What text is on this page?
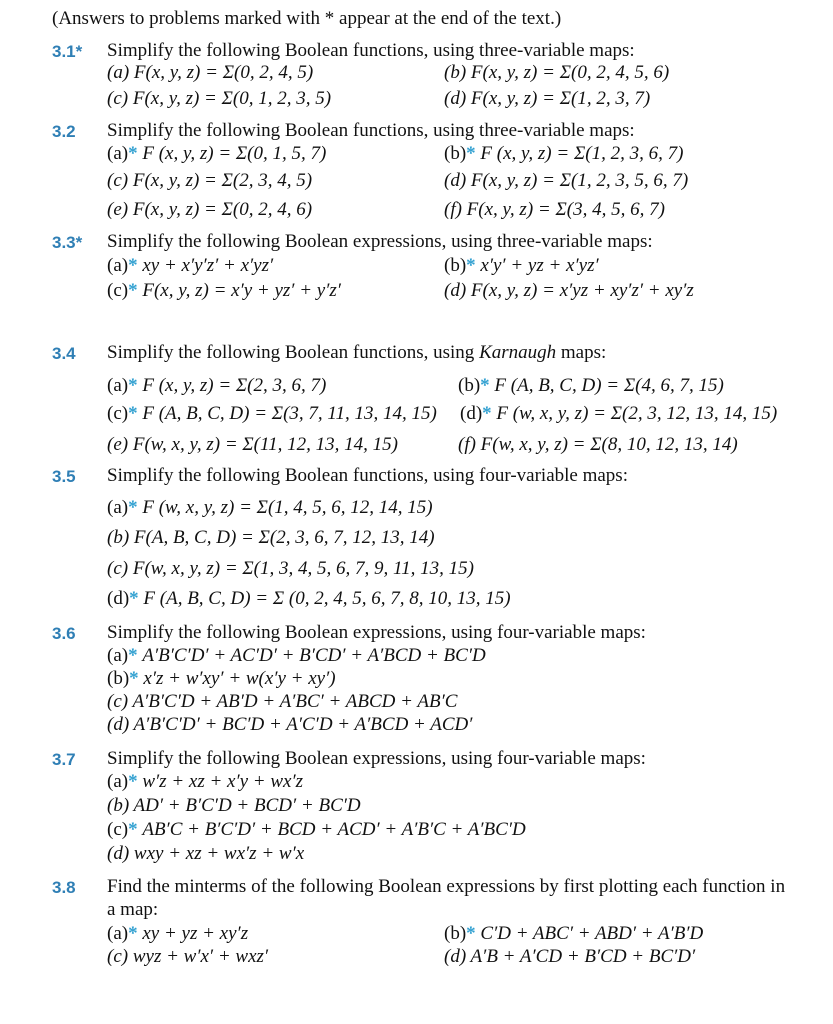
(Answers to problems marked with * appear at the end of the text.)
3.1* Simplify the following Boolean functions, using three-variable maps:
(a) F(x, y, z) = Σ(0, 2, 4, 5)	(b) F(x, y, z) = Σ(0, 2, 4, 5, 6)
(c) F(x, y, z) = Σ(0, 1, 2, 3, 5)	(d) F(x, y, z) = Σ(1, 2, 3, 7)
3.2 Simplify the following Boolean functions, using three-variable maps:
(a)* F (x, y, z) = Σ(0, 1, 5, 7)	(b)* F (x, y, z) = Σ(1, 2, 3, 6, 7)
(c) F(x, y, z) = Σ(2, 3, 4, 5)	(d) F(x, y, z) = Σ(1, 2, 3, 5, 6, 7)
(e) F(x, y, z) = Σ(0, 2, 4, 6)	(f) F(x, y, z) = Σ(3, 4, 5, 6, 7)
3.3* Simplify the following Boolean expressions, using three-variable maps:
(a)* xy + x′y′z′ + x′yz′	(b)* x′y′ + yz + x′yz′
(c)* F(x, y, z) = x′y + yz′ + y′z′	(d) F(x, y, z) = x′yz + xy′z′ + xy′z
3.4 Simplify the following Boolean functions, using Karnaugh maps:
(a)* F (x, y, z) = Σ(2, 3, 6, 7)	(b)* F (A, B, C, D) = Σ(4, 6, 7, 15)
(c)* F (A, B, C, D) = Σ(3, 7, 11, 13, 14, 15) (d)* F (w, x, y, z) = Σ(2, 3, 12, 13, 14, 15)
(e) F(w, x, y, z) = Σ(11, 12, 13, 14, 15)	(f) F(w, x, y, z) = Σ(8, 10, 12, 13, 14)
3.5 Simplify the following Boolean functions, using four-variable maps:
(a)* F (w, x, y, z) = Σ(1, 4, 5, 6, 12, 14, 15)
(b) F(A, B, C, D) = Σ(2, 3, 6, 7, 12, 13, 14)
(c) F(w, x, y, z) = Σ(1, 3, 4, 5, 6, 7, 9, 11, 13, 15)
(d)* F (A, B, C, D) = Σ (0, 2, 4, 5, 6, 7, 8, 10, 13, 15)
3.6 Simplify the following Boolean expressions, using four-variable maps:
(a)* A′B′C′D′ + AC′D′ + B′CD′ + A′BCD + BC′D
(b)* x′z + w′xy′ + w(x′y + xy′)
(c) A′B′C′D + AB′D + A′BC′ + ABCD + AB′C
(d) A′B′C′D′ + BC′D + A′C′D + A′BCD + ACD′
3.7 Simplify the following Boolean expressions, using four-variable maps:
(a)* w′z + xz + x′y + wx′z
(b) AD′ + B′C′D + BCD′ + BC′D
(c)* AB′C + B′C′D′ + BCD + ACD′ + A′B′C + A′BC′D
(d) wxy + xz + wx′z + w′x
3.8 Find the minterms of the following Boolean expressions by first plotting each function in
a map:
(a)* xy + yz + xy′z	(b)* C′D + ABC′ + ABD′ + A′B′D
(c) wyz + w′x′ + wxz′	(d) A′B + A′CD + B′CD + BC′D′
